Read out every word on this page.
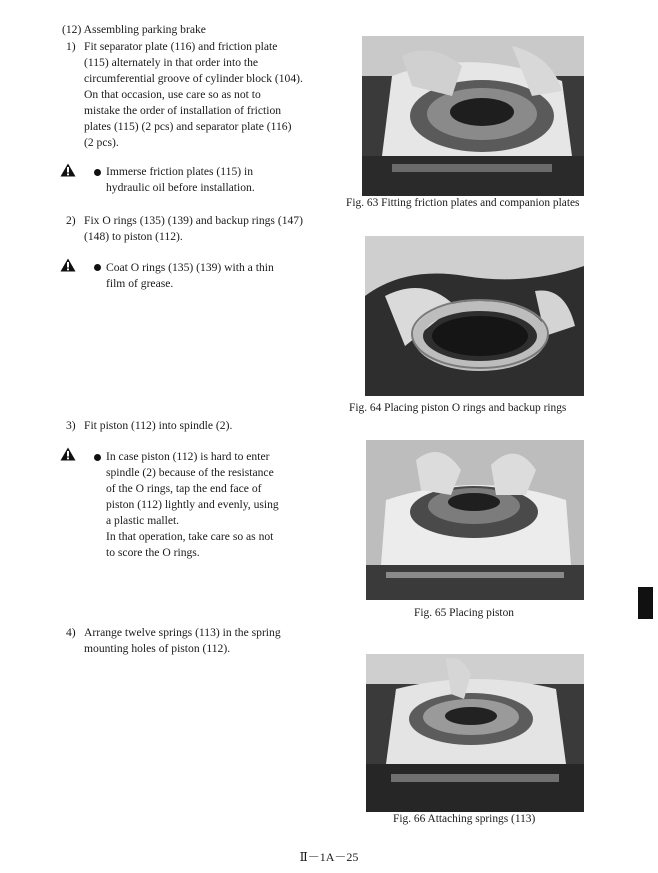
(12) Assembling parking brake
1) Fit separator plate (116) and friction plate
(115) alternately in that order into the
circumferential groove of cylinder block (104).
On that occasion, use care so as not to
mistake the order of installation of friction
plates (115) (2 pcs) and separator plate (116)
(2 pcs).
Immerse friction plates (115) in
hydraulic oil before installation.
2) Fix O rings (135) (139) and backup rings (147)
(148) to piston (112).
Coat O rings (135) (139) with a thin
film of grease.
3) Fit piston (112) into spindle (2).
In case piston (112) is hard to enter
spindle (2) because of the resistance
of the O rings, tap the end face of
piston (112) lightly and evenly, using
a plastic mallet.
In that operation, take care so as not
to score the O rings.
4) Arrange twelve springs (113) in the spring
mounting holes of piston (112).
Fig. 63 Fitting friction plates and companion plates
Fig. 64 Placing piston O rings and backup rings
Fig. 65 Placing piston
Fig. 66 Attaching springs (113)
Ⅱ－1A－25
